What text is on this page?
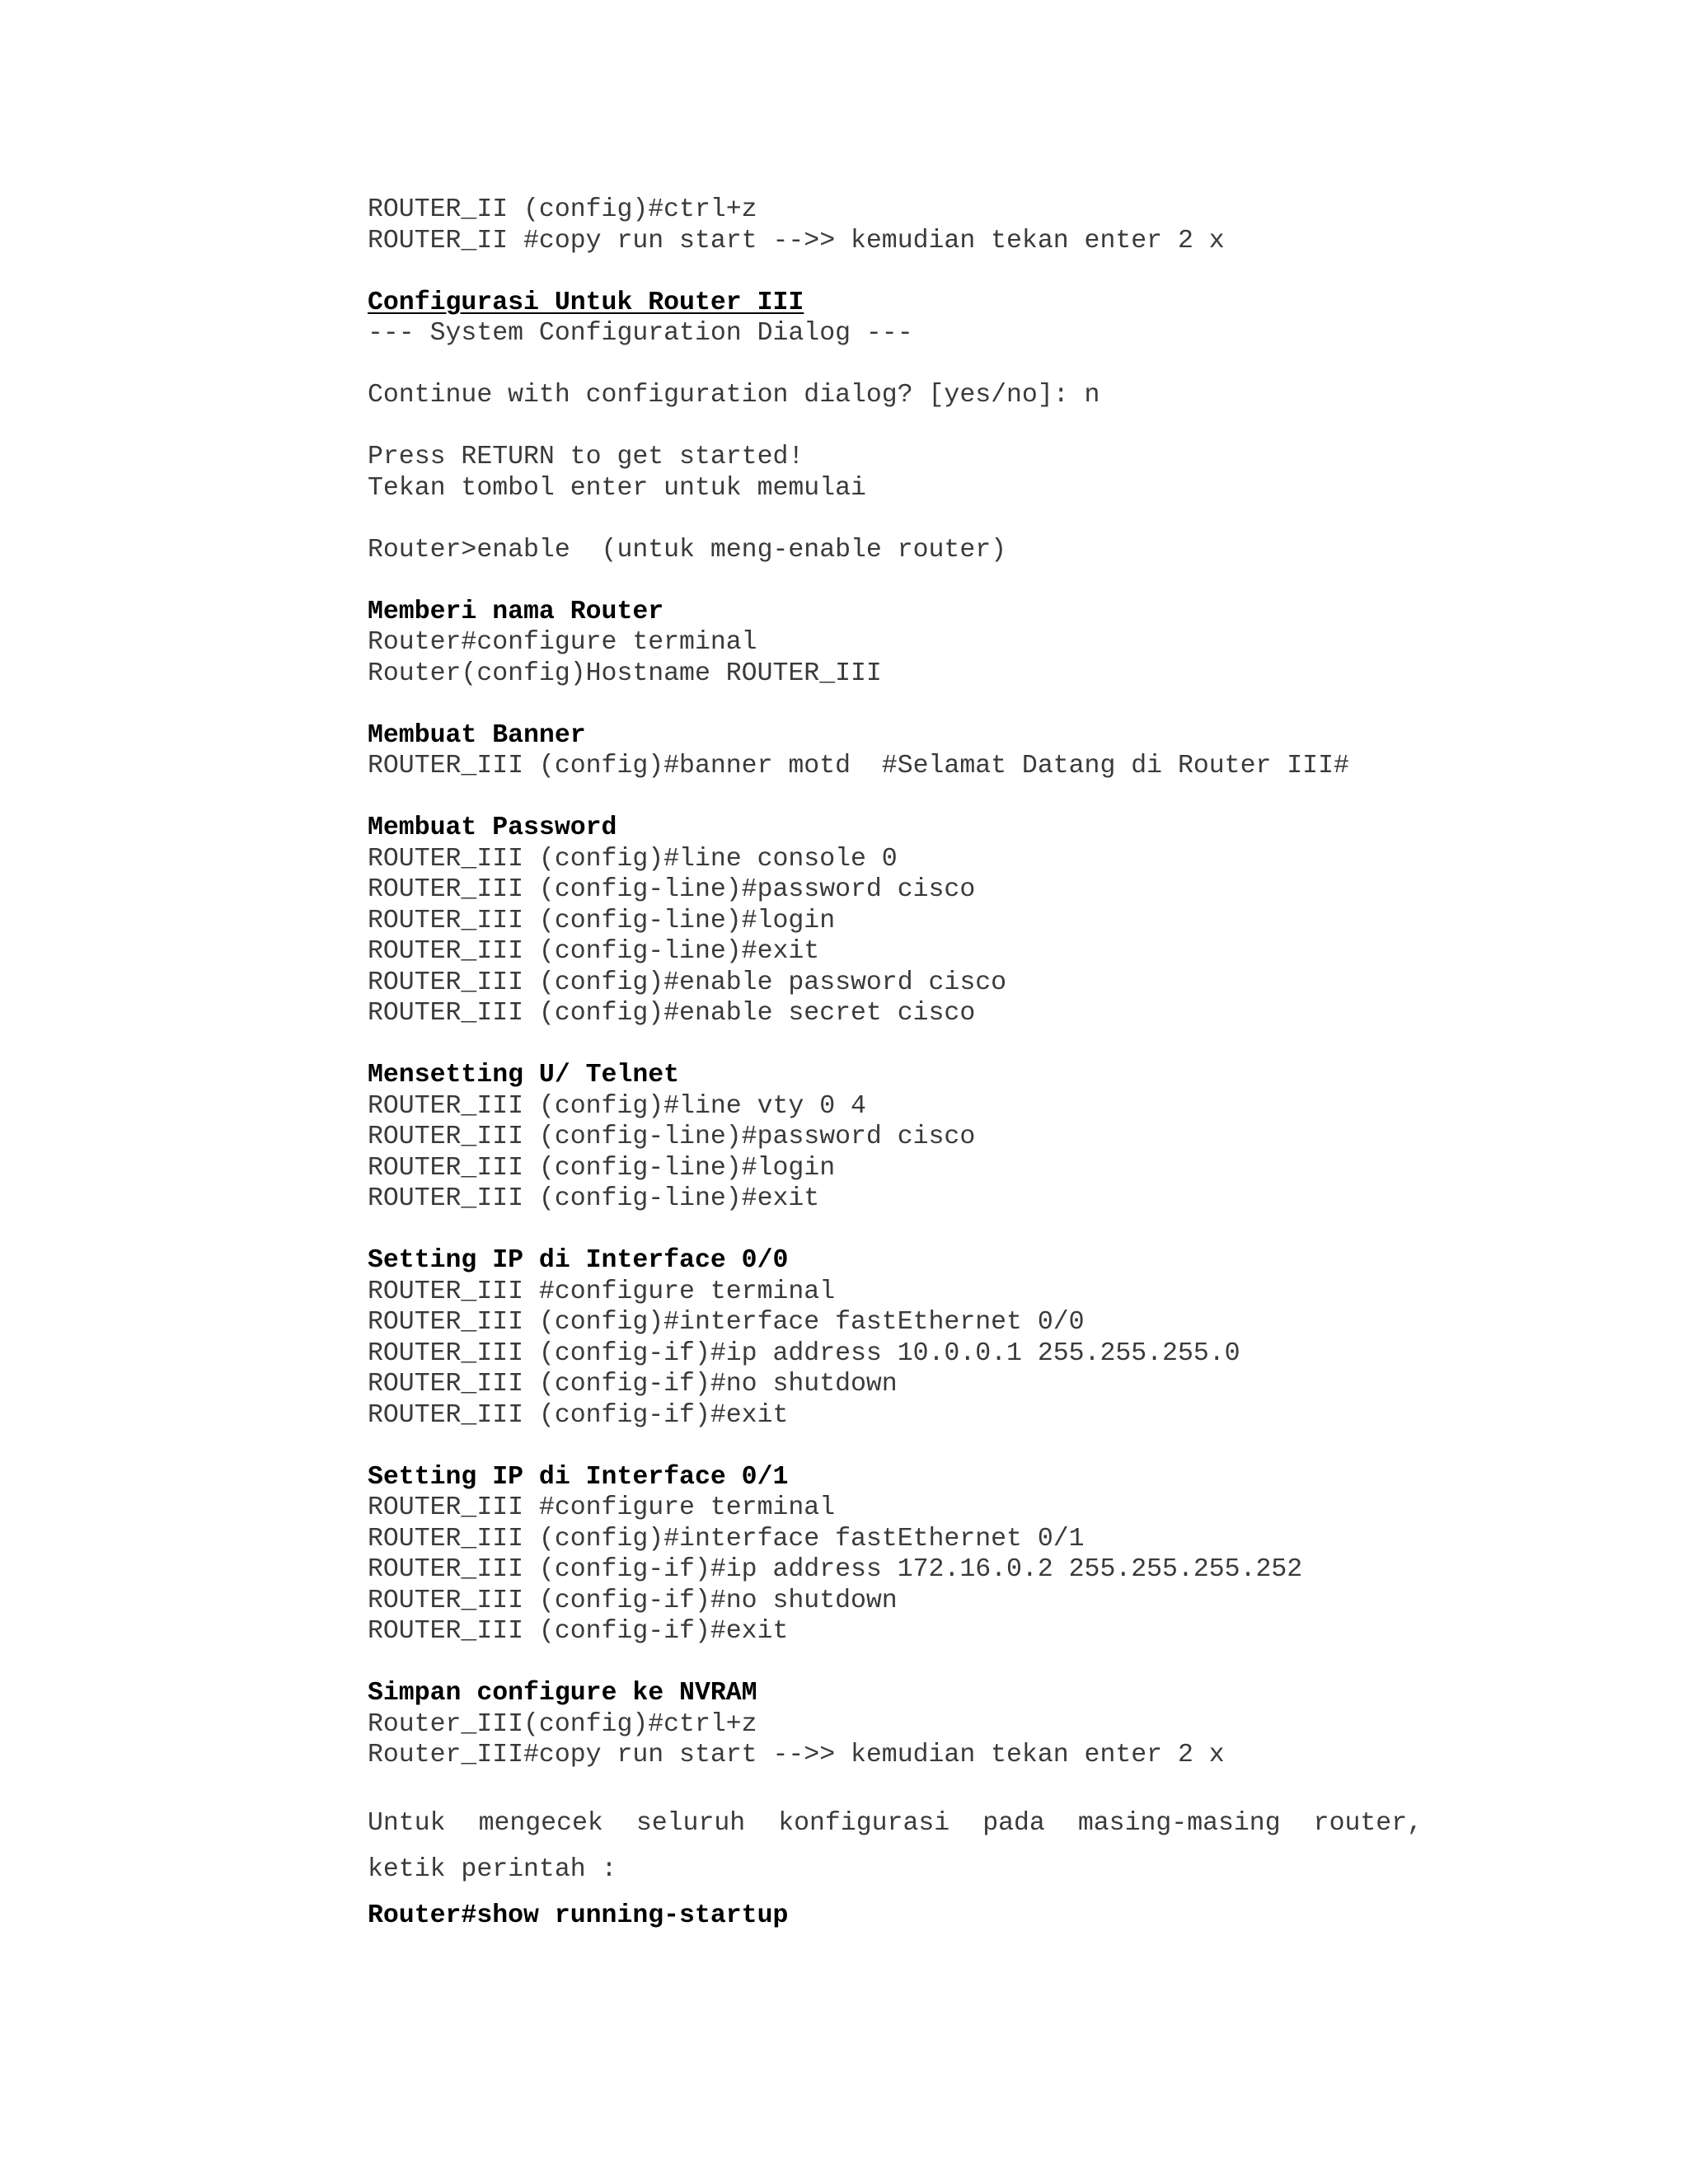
ROUTER_II (config)#ctrl+z
ROUTER_II #copy run start -->> kemudian tekan enter 2 x
Configurasi Untuk Router III
--- System Configuration Dialog ---
Continue with configuration dialog? [yes/no]: n
Press RETURN to get started!
Tekan tombol enter untuk memulai
Router>enable  (untuk meng-enable router)
Memberi nama Router
Router#configure terminal
Router(config)Hostname ROUTER_III
Membuat Banner
ROUTER_III (config)#banner motd  #Selamat Datang di Router III#
Membuat Password
ROUTER_III (config)#line console 0
ROUTER_III (config-line)#password cisco
ROUTER_III (config-line)#login
ROUTER_III (config-line)#exit
ROUTER_III (config)#enable password cisco
ROUTER_III (config)#enable secret cisco
Mensetting U/ Telnet
ROUTER_III (config)#line vty 0 4
ROUTER_III (config-line)#password cisco
ROUTER_III (config-line)#login
ROUTER_III (config-line)#exit
Setting IP di Interface 0/0
ROUTER_III #configure terminal
ROUTER_III (config)#interface fastEthernet 0/0
ROUTER_III (config-if)#ip address 10.0.0.1 255.255.255.0
ROUTER_III (config-if)#no shutdown
ROUTER_III (config-if)#exit
Setting IP di Interface 0/1
ROUTER_III #configure terminal
ROUTER_III (config)#interface fastEthernet 0/1
ROUTER_III (config-if)#ip address 172.16.0.2 255.255.255.252
ROUTER_III (config-if)#no shutdown
ROUTER_III (config-if)#exit
Simpan configure ke NVRAM
Router_III(config)#ctrl+z
Router_III#copy run start -->> kemudian tekan enter 2 x
Untuk mengecek seluruh konfigurasi pada masing-masing router,
ketik perintah :
Router#show running-startup
